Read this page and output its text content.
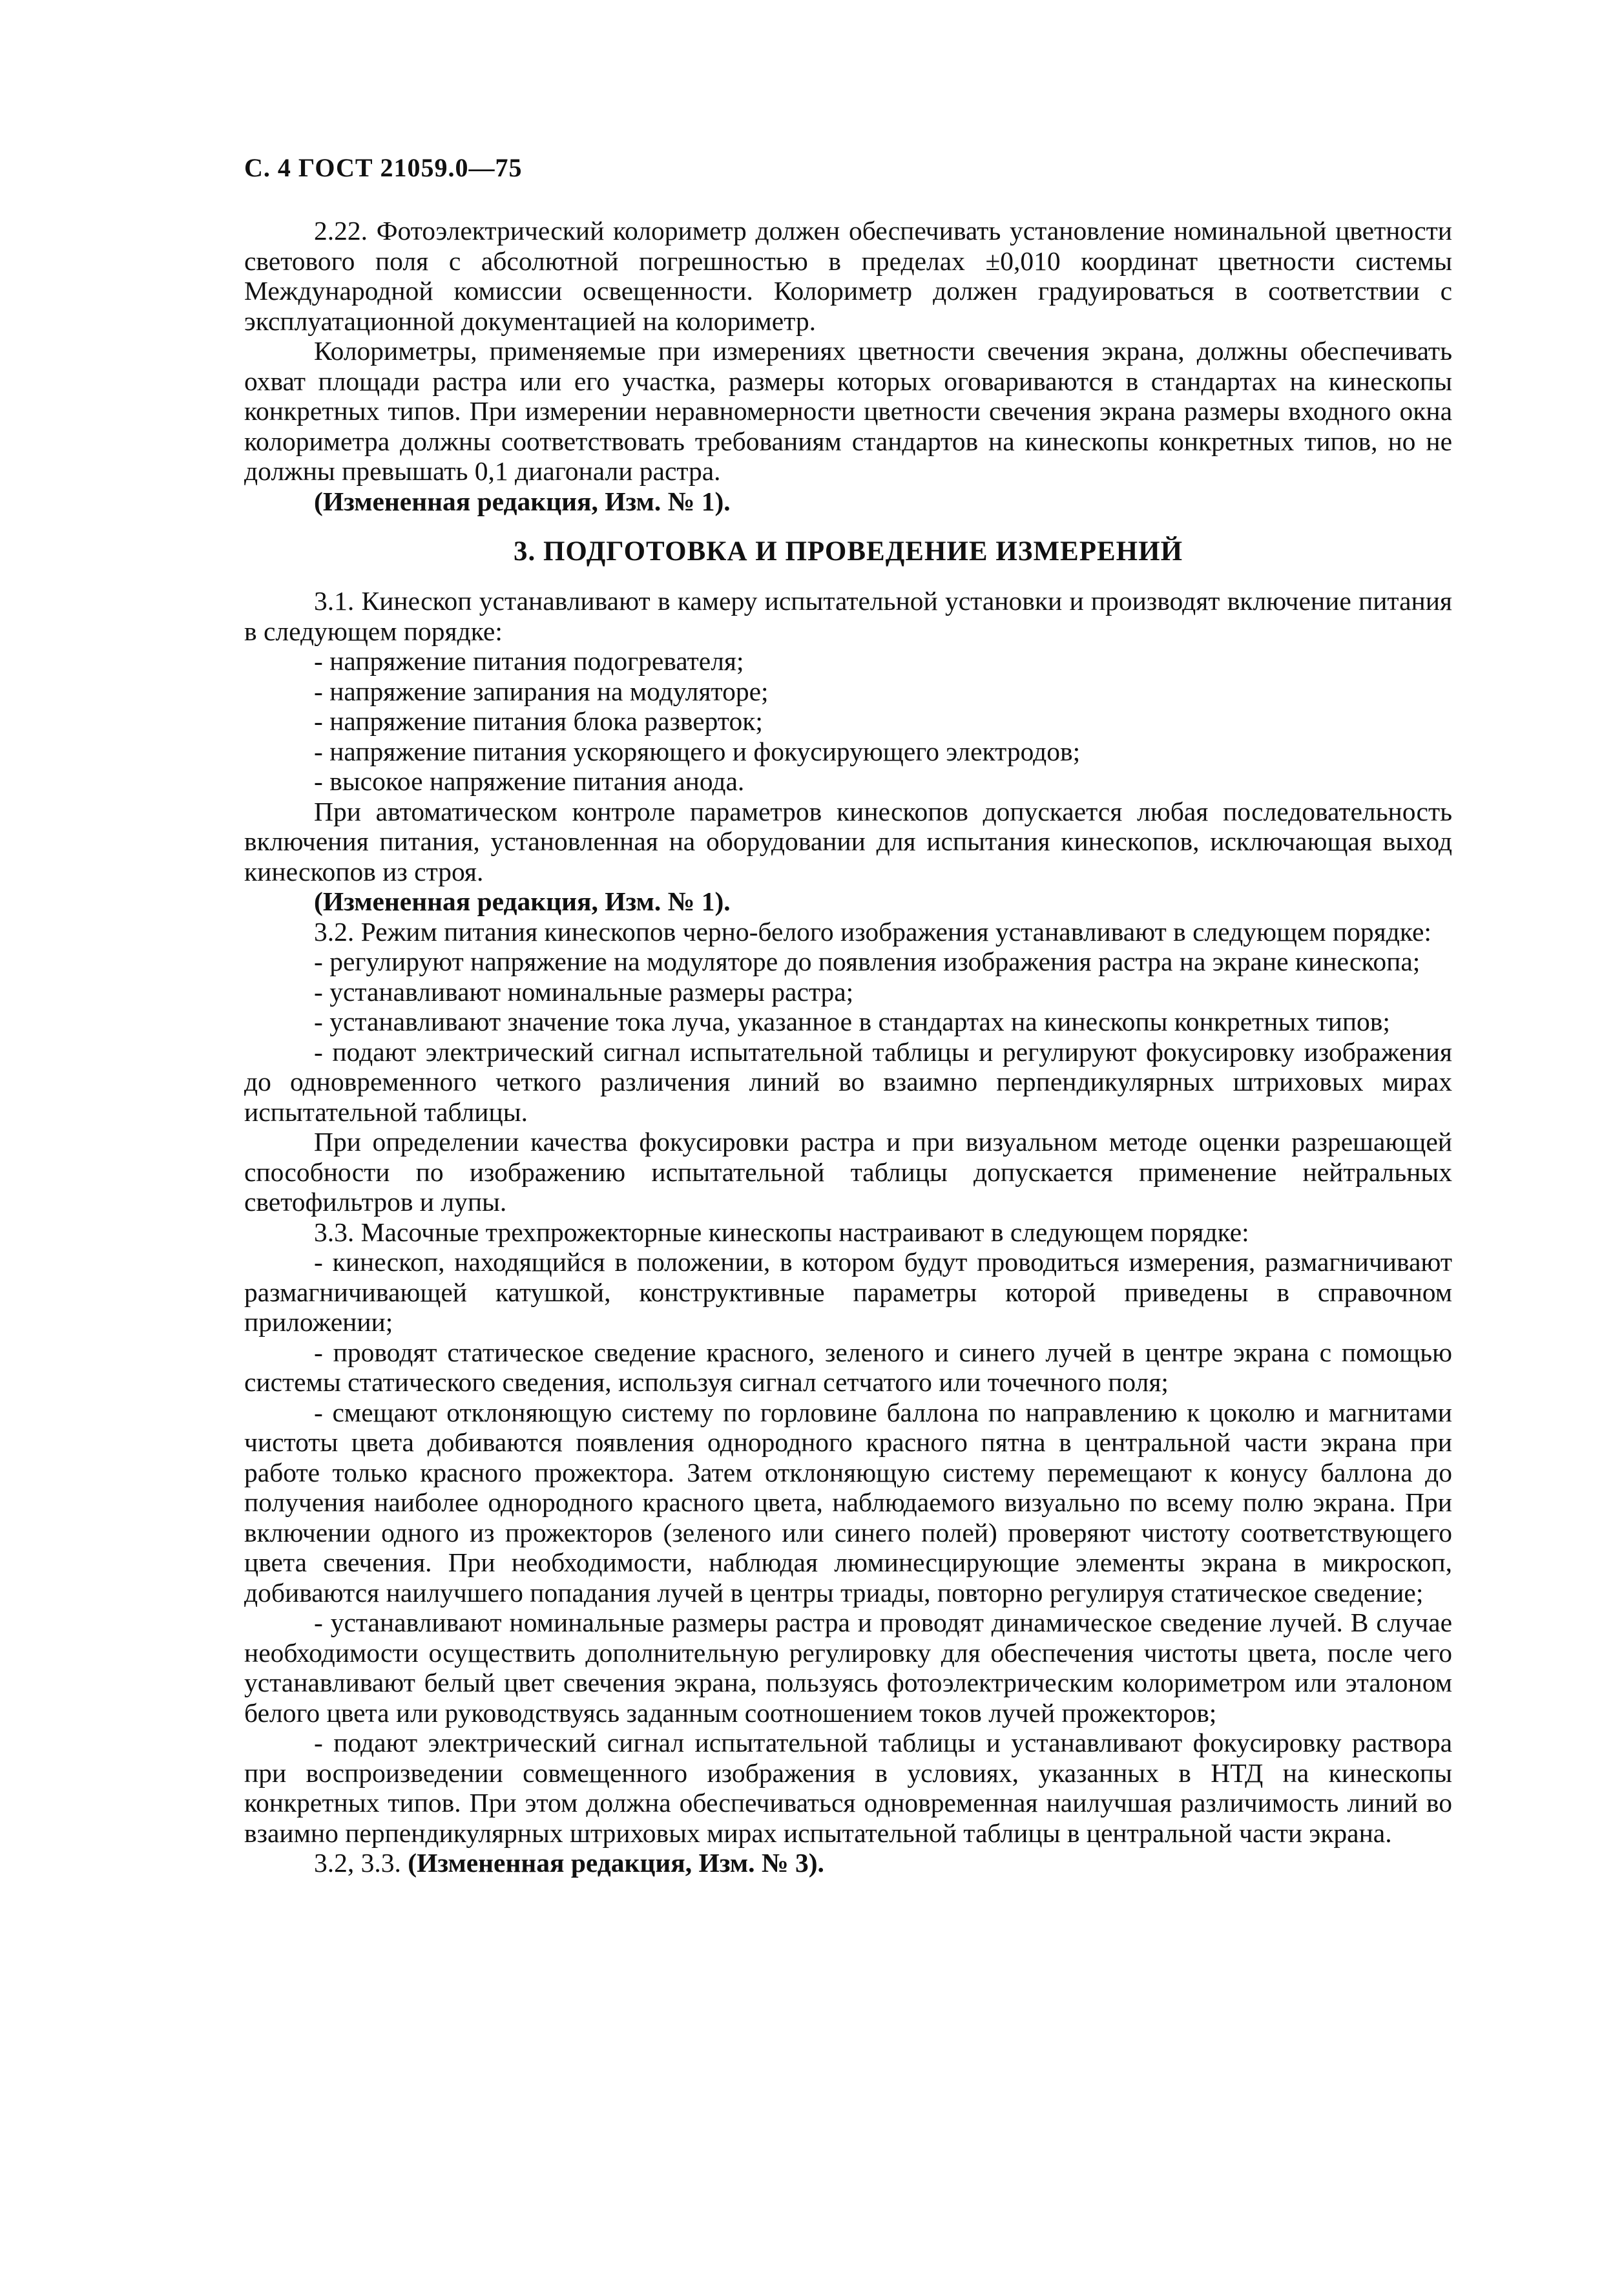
С. 4 ГОСТ 21059.0—75

2.22. Фотоэлектрический колориметр должен обеспечивать установление номинальной цветности светового поля с абсолютной погрешностью в пределах ±0,010 координат цветности системы Международной комиссии освещенности. Колориметр должен градуироваться в соответствии с эксплуатационной документацией на колориметр.

Колориметры, применяемые при измерениях цветности свечения экрана, должны обеспечивать охват площади растра или его участка, размеры которых оговариваются в стандартах на кинескопы конкретных типов. При измерении неравномерности цветности свечения экрана размеры входного окна колориметра должны соответствовать требованиям стандартов на кинескопы конкретных типов, но не должны превышать 0,1 диагонали растра.

(Измененная редакция, Изм. № 1).

3. ПОДГОТОВКА И ПРОВЕДЕНИЕ ИЗМЕРЕНИЙ

3.1. Кинескоп устанавливают в камеру испытательной установки и производят включение питания в следующем порядке:

- напряжение питания подогревателя;

- напряжение запирания на модуляторе;

- напряжение питания блока разверток;

- напряжение питания ускоряющего и фокусирующего электродов;

- высокое напряжение питания анода.

При автоматическом контроле параметров кинескопов допускается любая последовательность включения питания, установленная на оборудовании для испытания кинескопов, исключающая выход кинескопов из строя.

(Измененная редакция, Изм. № 1).

3.2. Режим питания кинескопов черно-белого изображения устанавливают в следующем порядке:

- регулируют напряжение на модуляторе до появления изображения растра на экране кинескопа;

- устанавливают номинальные размеры растра;

- устанавливают значение тока луча, указанное в стандартах на кинескопы конкретных типов;

- подают электрический сигнал испытательной таблицы и регулируют фокусировку изображения до одновременного четкого различения линий во взаимно перпендикулярных штриховых мирах испытательной таблицы.

При определении качества фокусировки растра и при визуальном методе оценки разрешающей способности по изображению испытательной таблицы допускается применение нейтральных светофильтров и лупы.

3.3. Масочные трехпрожекторные кинескопы настраивают в следующем порядке:

- кинескоп, находящийся в положении, в котором будут проводиться измерения, размагничивают размагничивающей катушкой, конструктивные параметры которой приведены в справочном приложении;

- проводят статическое сведение красного, зеленого и синего лучей в центре экрана с помощью системы статического сведения, используя сигнал сетчатого или точечного поля;

- смещают отклоняющую систему по горловине баллона по направлению к цоколю и магнитами чистоты цвета добиваются появления однородного красного пятна в центральной части экрана при работе только красного прожектора. Затем отклоняющую систему перемещают к конусу баллона до получения наиболее однородного красного цвета, наблюдаемого визуально по всему полю экрана. При включении одного из прожекторов (зеленого или синего полей) проверяют чистоту соответствующего цвета свечения. При необходимости, наблюдая люминесцирующие элементы экрана в микроскоп, добиваются наилучшего попадания лучей в центры триады, повторно регулируя статическое сведение;

- устанавливают номинальные размеры растра и проводят динамическое сведение лучей. В случае необходимости осуществить дополнительную регулировку для обеспечения чистоты цвета, после чего устанавливают белый цвет свечения экрана, пользуясь фотоэлектрическим колориметром или эталоном белого цвета или руководствуясь заданным соотношением токов лучей прожекторов;

- подают электрический сигнал испытательной таблицы и устанавливают фокусировку раствора при воспроизведении совмещенного изображения в условиях, указанных в НТД на кинескопы конкретных типов. При этом должна обеспечиваться одновременная наилучшая различимость линий во взаимно перпендикулярных штриховых мирах испытательной таблицы в центральной части экрана.

3.2, 3.3. (Измененная редакция, Изм. № 3).
